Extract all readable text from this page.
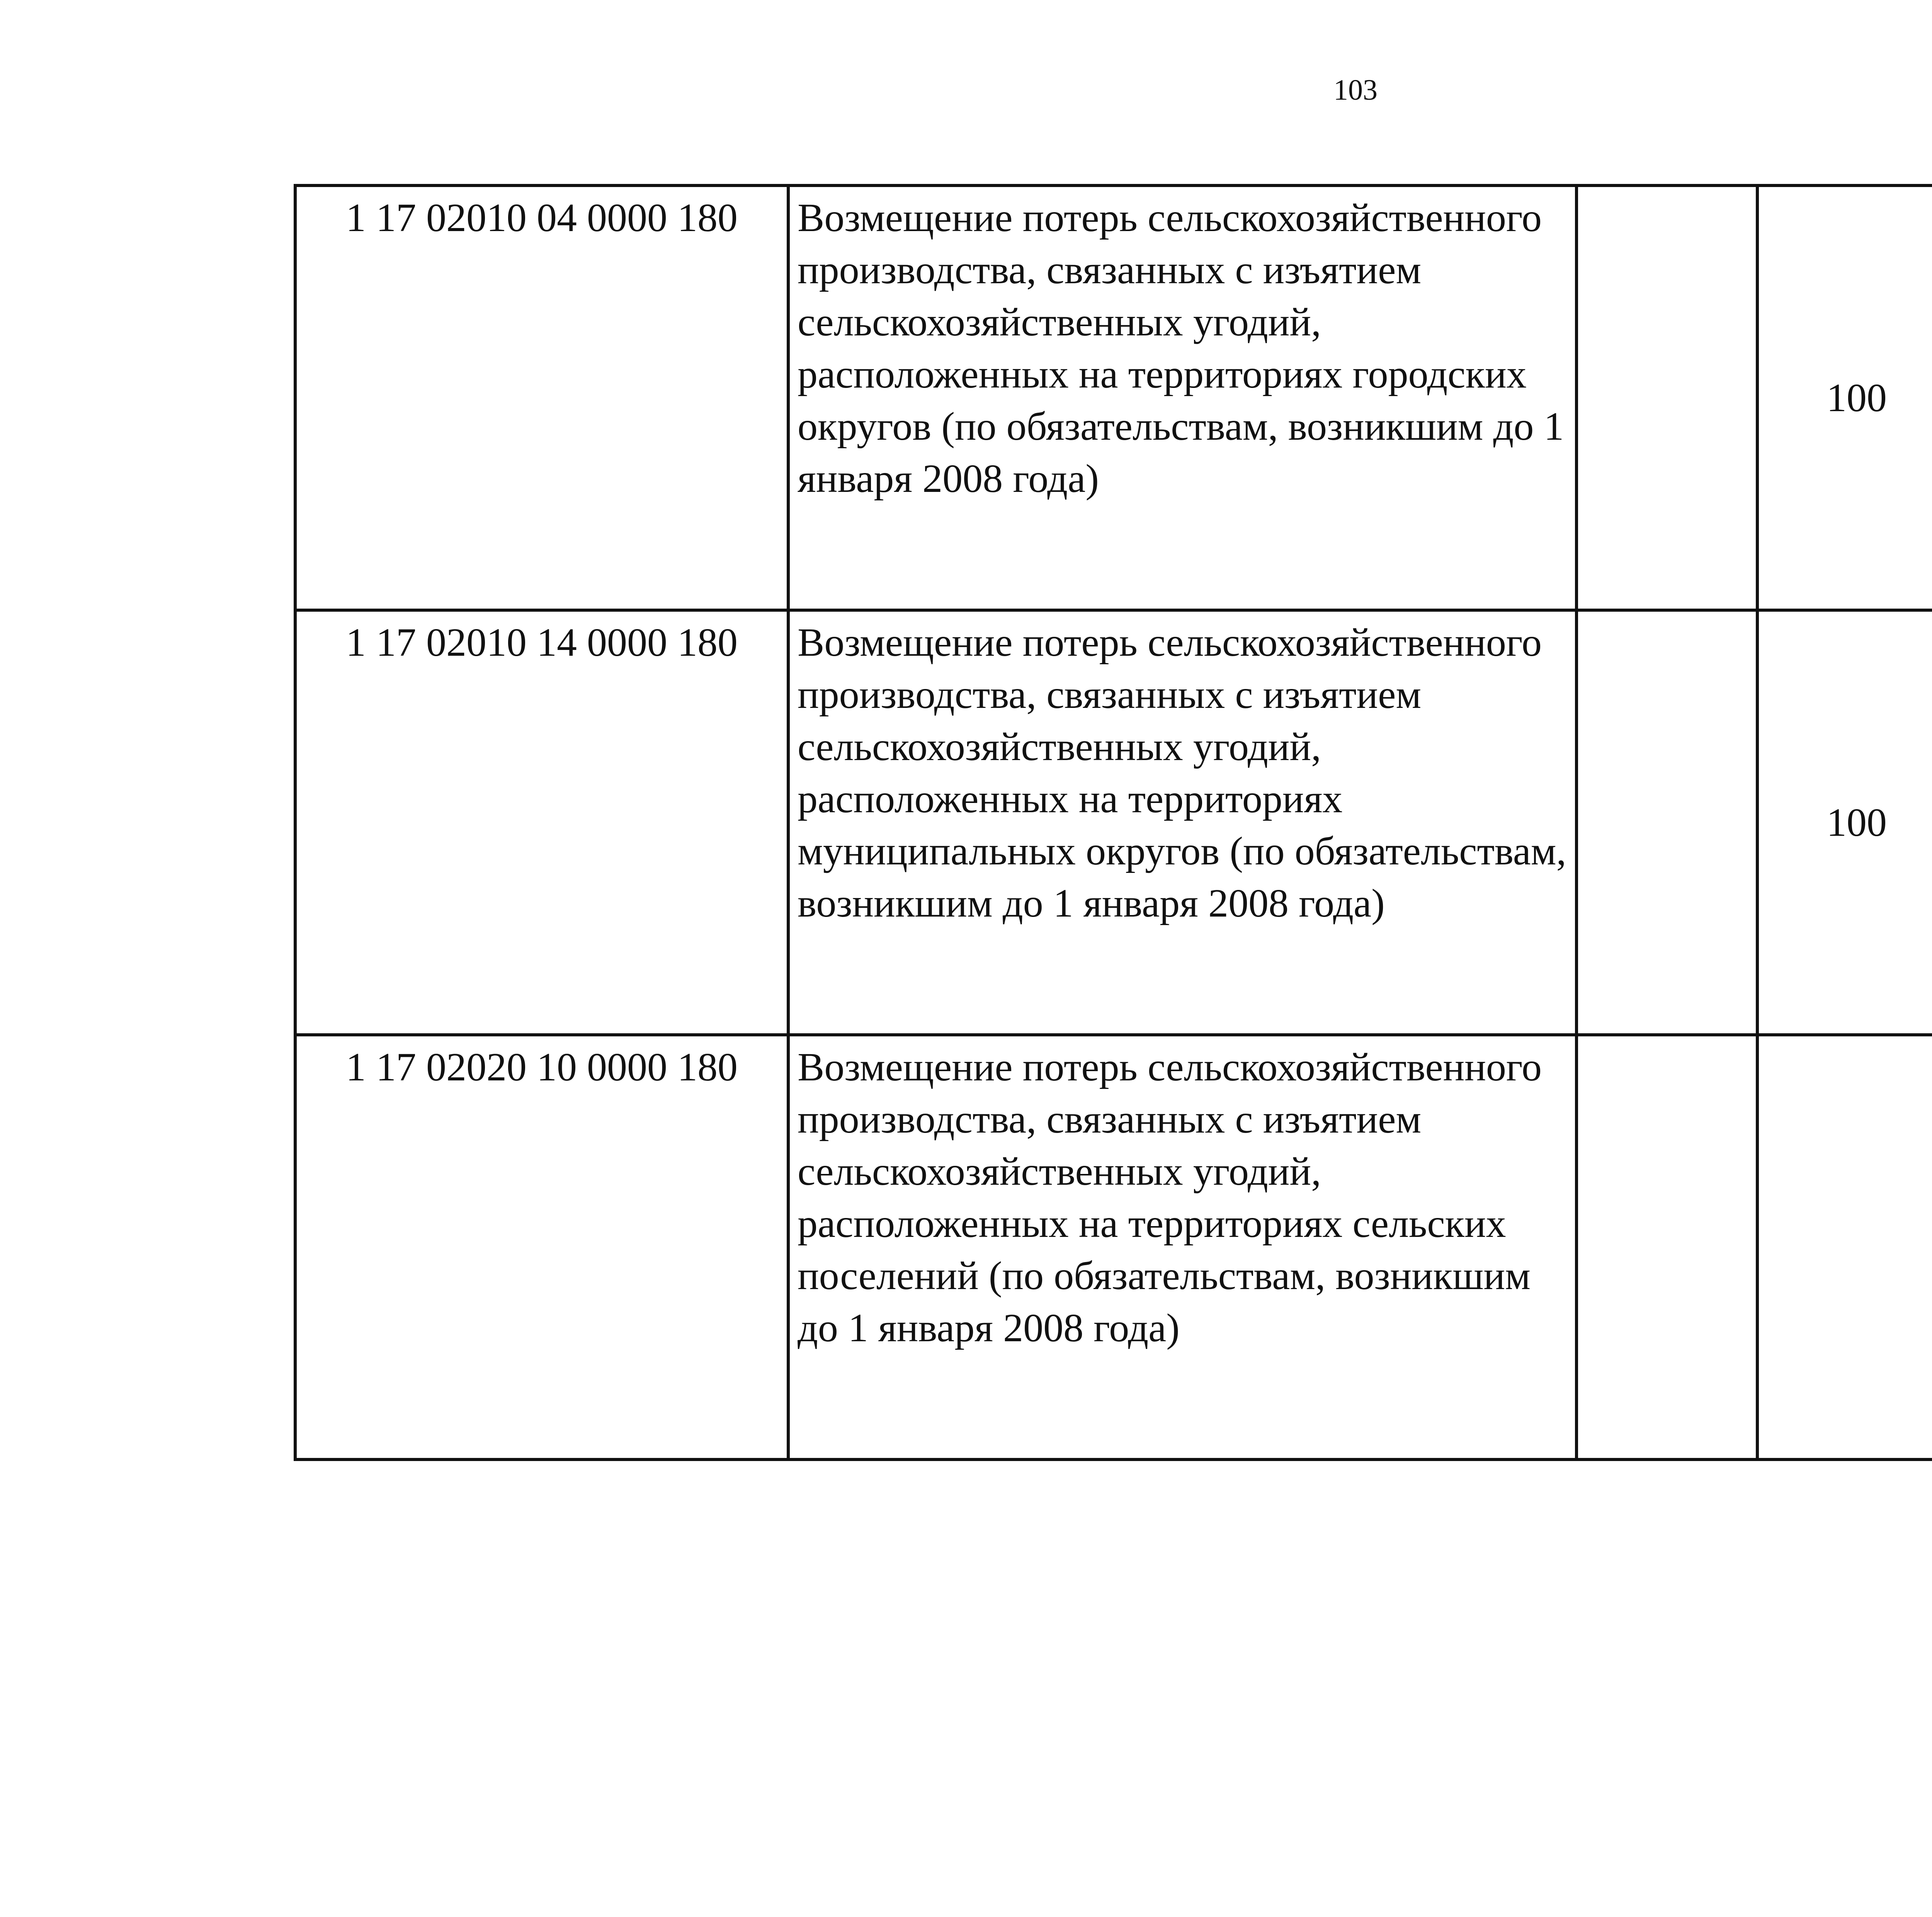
103
1 17 02010 04 0000 180	Возмещение потерь сельскохозяйственного производства, связанных с изъятием сельскохозяйственных угодий, расположенных на территориях городских округов (по обязательствам, возникшим до 1 января 2008 года)		100			
1 17 02010 14 0000 180	Возмещение потерь сельскохозяйственного производства, связанных с изъятием сельскохозяйственных угодий, расположенных на территориях муниципальных округов (по обязательствам, возникшим до 1 января 2008 года)		100			
1 17 02020 10 0000 180	Возмещение потерь сельскохозяйственного производства, связанных с изъятием сельскохозяйственных угодий, расположенных на территориях сельских поселений (по обязательствам, возникшим до 1 января 2008 года)					
